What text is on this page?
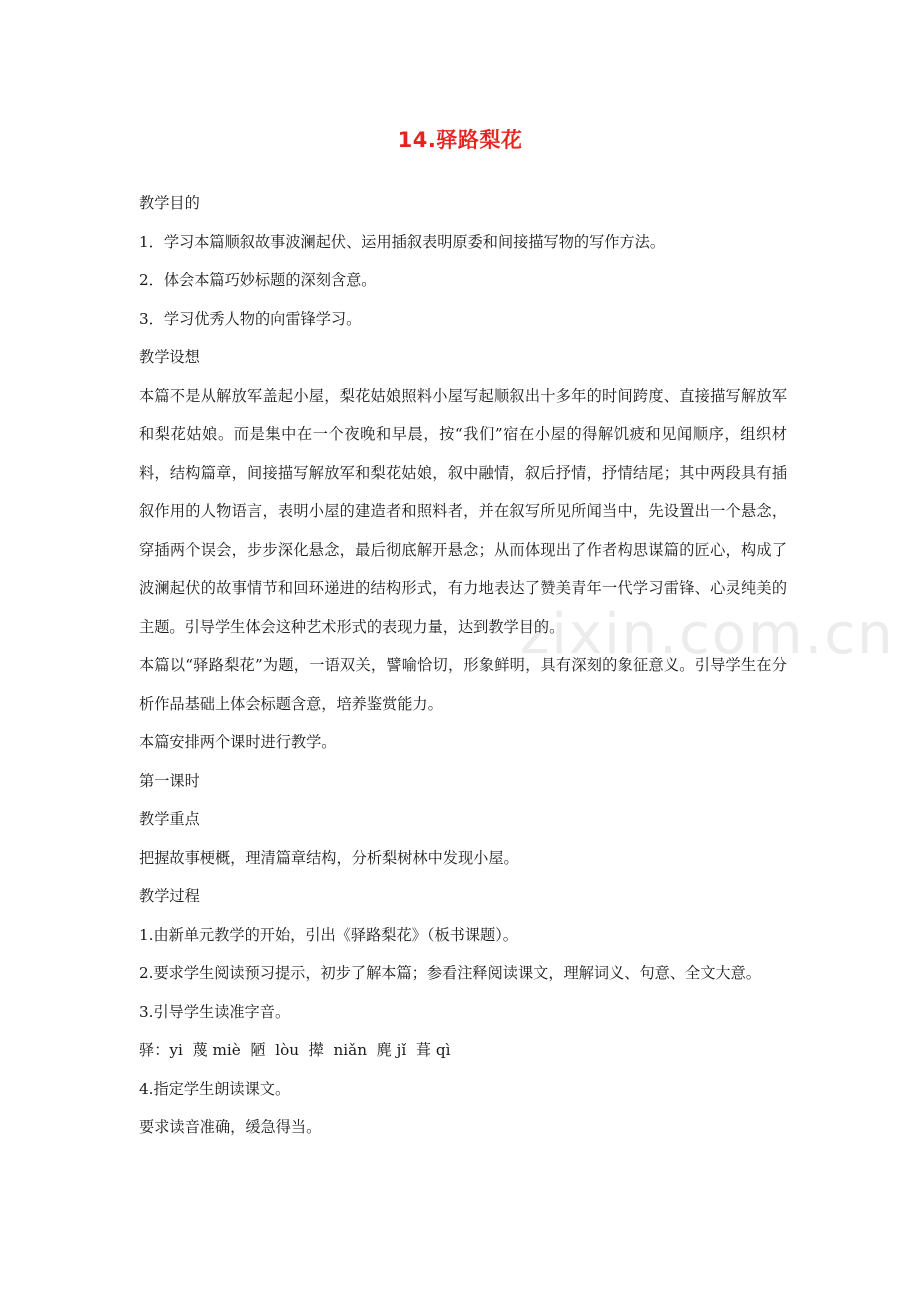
zixin.com.cn
14.驿路梨花

教学目的

1．学习本篇顺叙故事波澜起伏、运用插叙表明原委和间接描写物的写作方法。

2．体会本篇巧妙标题的深刻含意。

3．学习优秀人物的向雷锋学习。

教学设想

本篇不是从解放军盖起小屋，梨花姑娘照料小屋写起顺叙出十多年的时间跨度、直接描写解放军和梨花姑娘。而是集中在一个夜晚和早晨，按“我们”宿在小屋的得解饥疲和见闻顺序，组织材料，结构篇章，间接描写解放军和梨花姑娘，叙中融情，叙后抒情，抒情结尾；其中两段具有插叙作用的人物语言，表明小屋的建造者和照料者，并在叙写所见所闻当中，先设置出一个悬念，穿插两个误会，步步深化悬念，最后彻底解开悬念；从而体现出了作者构思谋篇的匠心，构成了波澜起伏的故事情节和回环递进的结构形式，有力地表达了赞美青年一代学习雷锋、心灵纯美的主题。引导学生体会这种艺术形式的表现力量，达到教学目的。

本篇以“驿路梨花”为题，一语双关，譬喻恰切，形象鲜明，具有深刻的象征意义。引导学生在分析作品基础上体会标题含意，培养鉴赏能力。

本篇安排两个课时进行教学。

第一课时

教学重点

把握故事梗概，理清篇章结构，分析梨树林中发现小屋。

教学过程

1.由新单元教学的开始，引出《驿路梨花》（板书课题）。

2.要求学生阅读预习提示，初步了解本篇；参看注释阅读课文，理解词义、句意、全文大意。

3.引导学生读准字音。

驿：yi  蔑 miè  陋  lòu  撵  niǎn  麂 jǐ  葺 qì

4.指定学生朗读课文。

要求读音准确，缓急得当。
